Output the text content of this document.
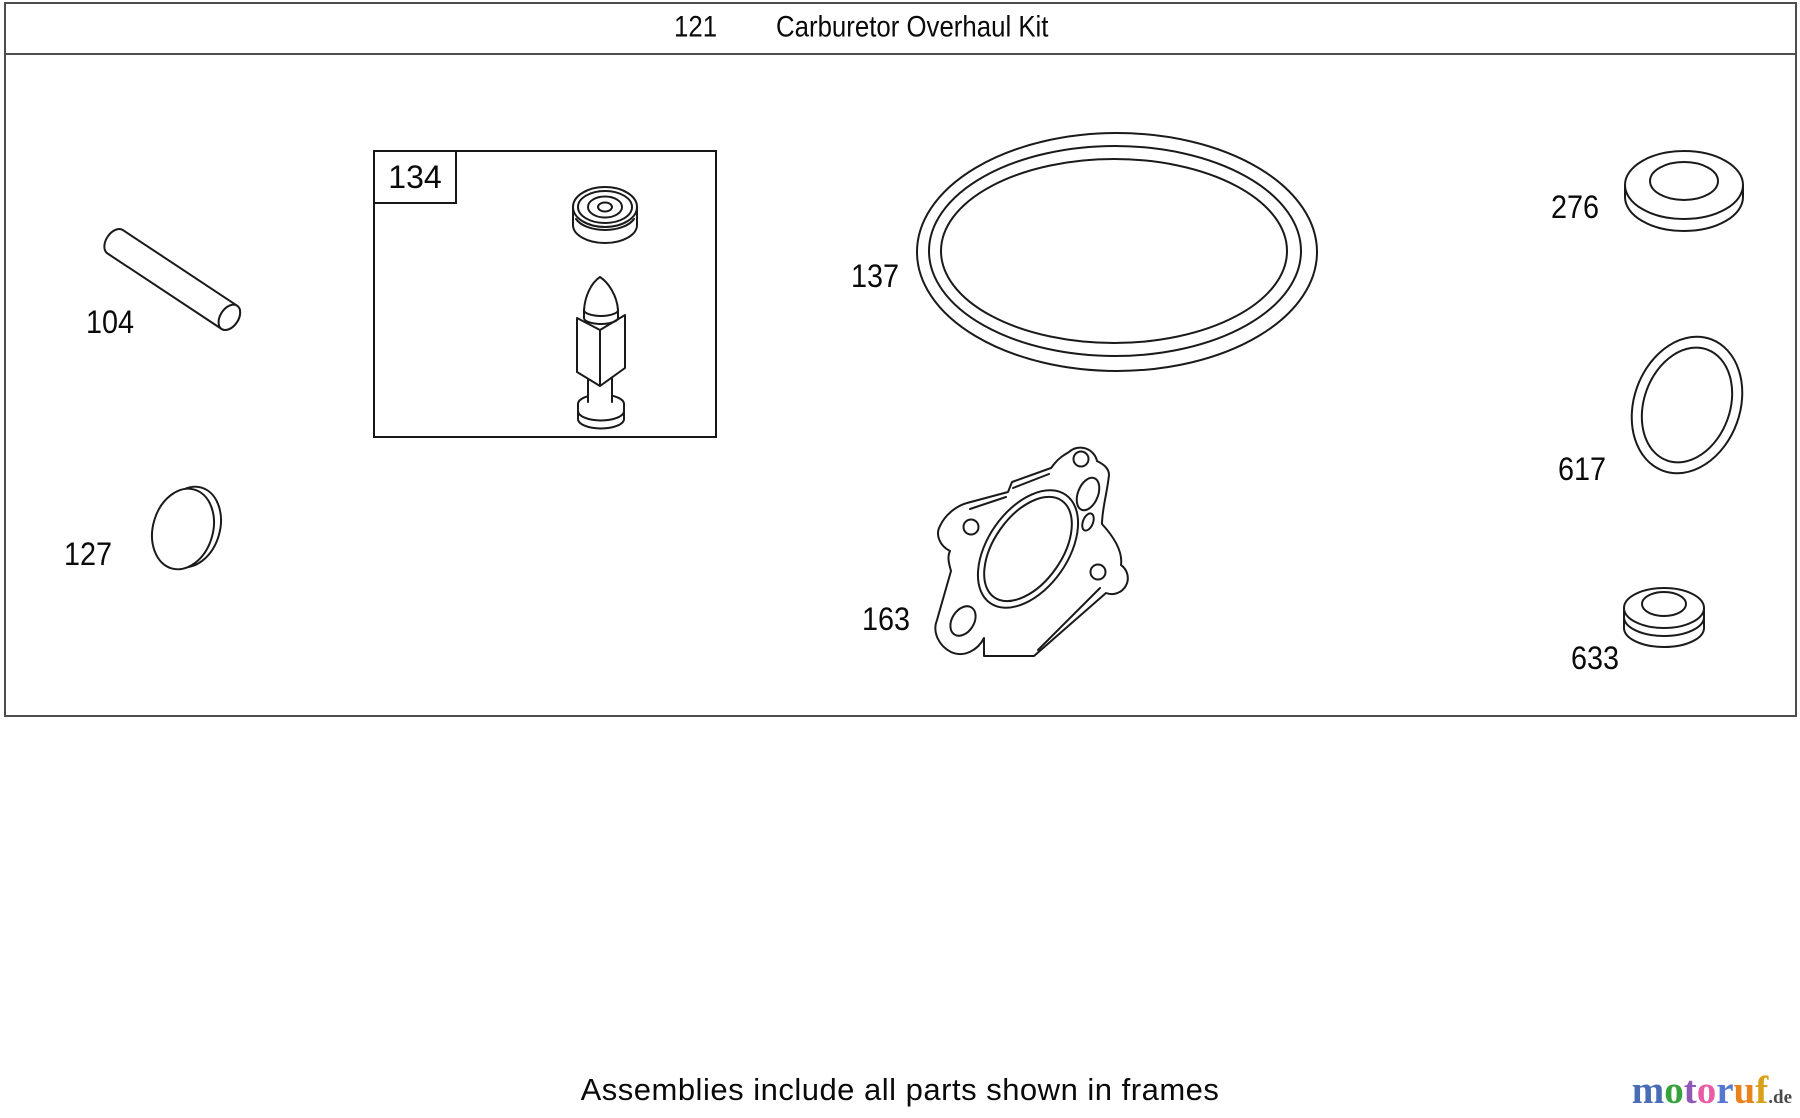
121 Carburetor Overhaul Kit
134
104
127
137
163
276
617
633
Assemblies include all parts shown in frames	motoruf.de
